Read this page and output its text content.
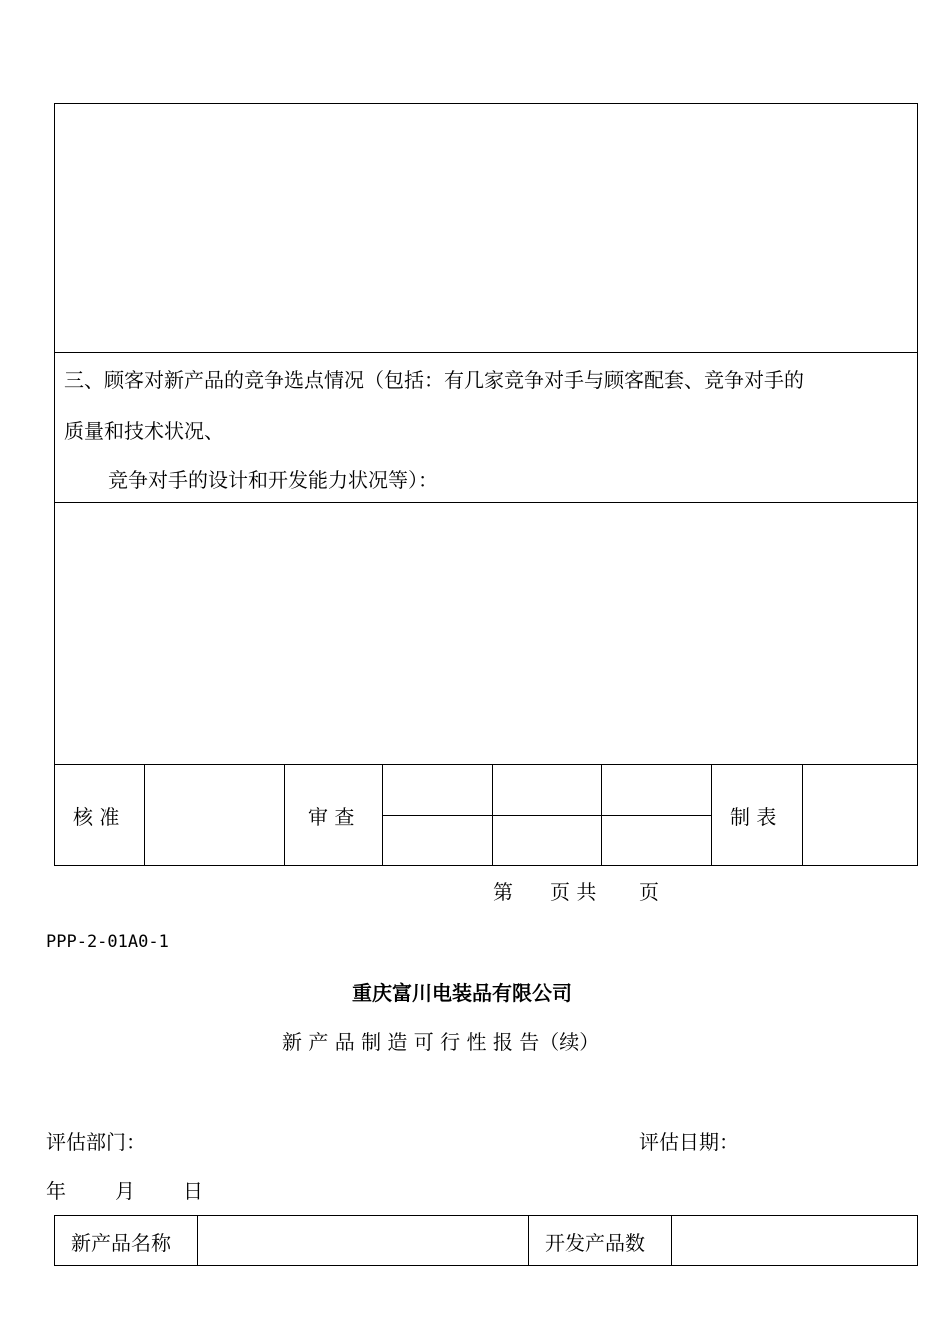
三、顾客对新产品的竞争选点情况（包括：有几家竞争对手与顾客配套、竞争对手的
质量和技术状况、
竞争对手的设计和开发能力状况等）：
核 准	审 查	制 表
第 页 共 页
PPP-2-01A0-1
重庆富川电装品有限公司
新 产 品 制 造 可 行 性 报 告（续）
评估部门：	评估日期：
年 月 日
新产品名称	开发产品数
